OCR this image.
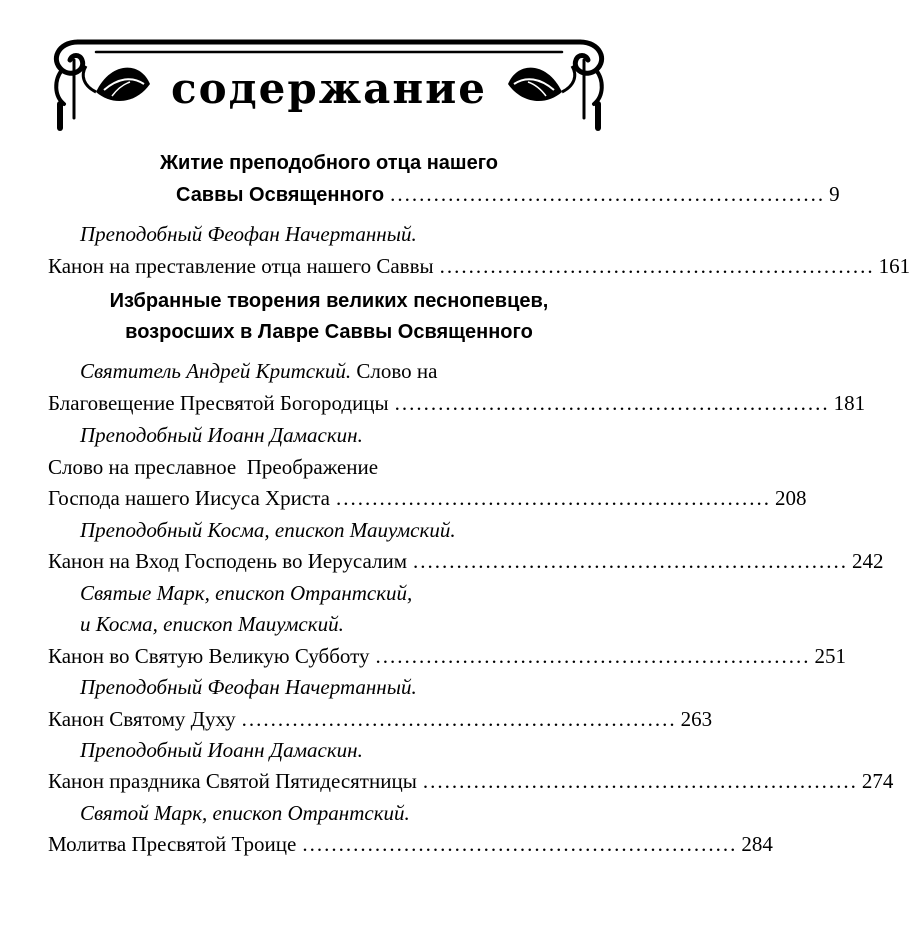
содержание
Житие преподобного отца нашего
Саввы Освященного ............................................................ 9
Преподобный Феофан Начертанный.
Канон на преставление отца нашего Саввы ............................................................ 161
Избранные творения великих песнопевцев,
возросших в Лавре Саввы Освященного
Святитель Андрей Критский. Слово на
Благовещение Пресвятой Богородицы ............................................................ 181
Преподобный Иоанн Дамаскин.
Слово на преславное  Преображение
Господа нашего Иисуса Христа ............................................................ 208
Преподобный Косма, епископ Маиумский.
Канон на Вход Господень во Иерусалим ............................................................ 242
Святые Марк, епископ Отрантский,
и Косма, епископ Маиумский.
Канон во Святую Великую Субботу ............................................................ 251
Преподобный Феофан Начертанный.
Канон Святому Духу ............................................................ 263
Преподобный Иоанн Дамаскин.
Канон праздника Святой Пятидесятницы ............................................................ 274
Святой Марк, епископ Отрантский.
Молитва Пресвятой Троице ............................................................ 284
